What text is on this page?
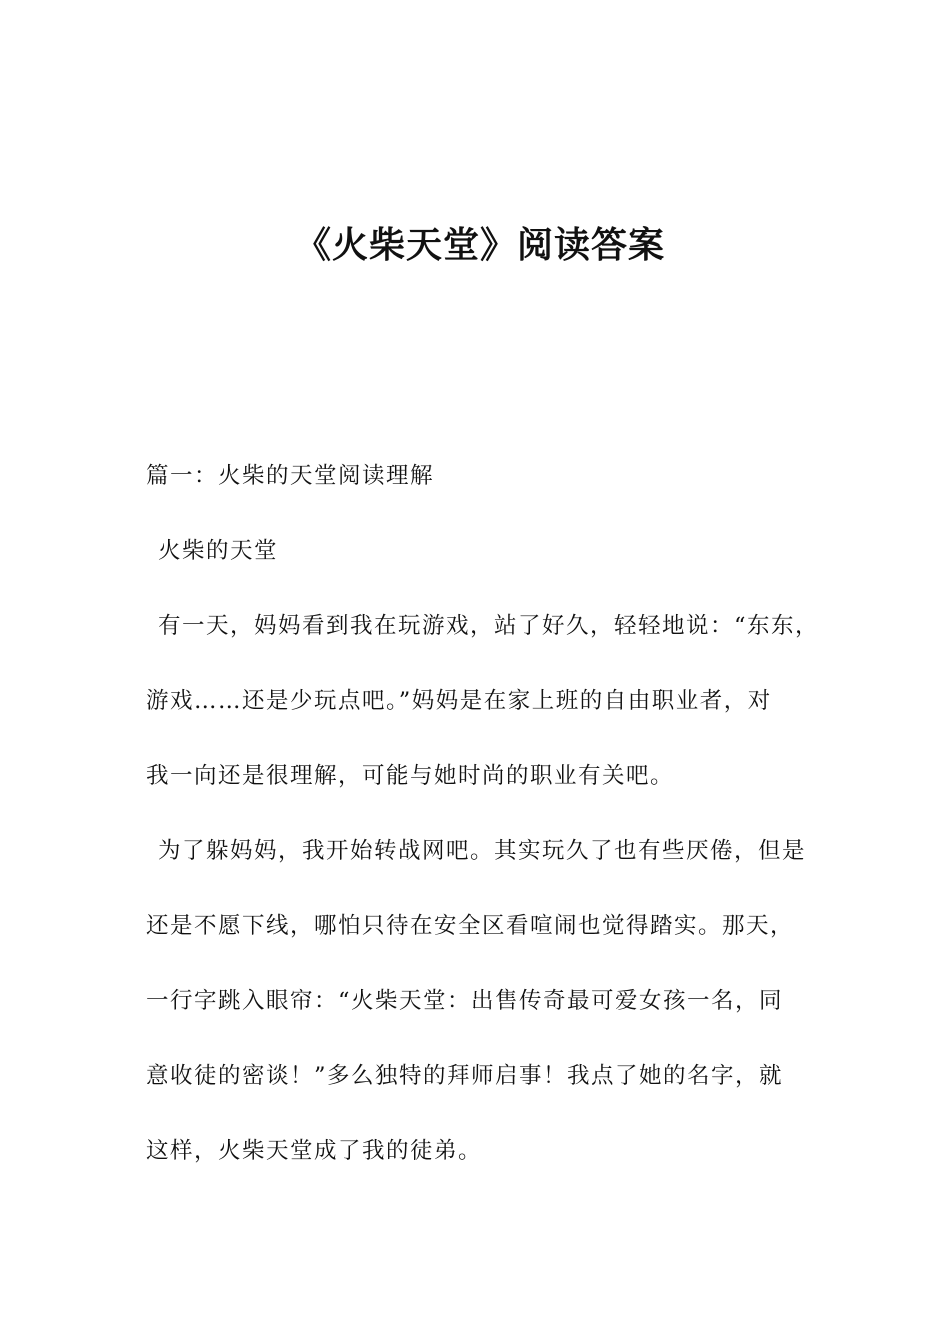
《火柴天堂》阅读答案
篇一：火柴的天堂阅读理解
火柴的天堂
有一天，妈妈看到我在玩游戏，站了好久，轻轻地说：“东东，
游戏……还是少玩点吧。”妈妈是在家上班的自由职业者，对
我一向还是很理解，可能与她时尚的职业有关吧。
为了躲妈妈，我开始转战网吧。其实玩久了也有些厌倦，但是
还是不愿下线，哪怕只待在安全区看喧闹也觉得踏实。那天，
一行字跳入眼帘：“火柴天堂：出售传奇最可爱女孩一名，同
意收徒的密谈！”多么独特的拜师启事！我点了她的名字，就
这样，火柴天堂成了我的徒弟。
